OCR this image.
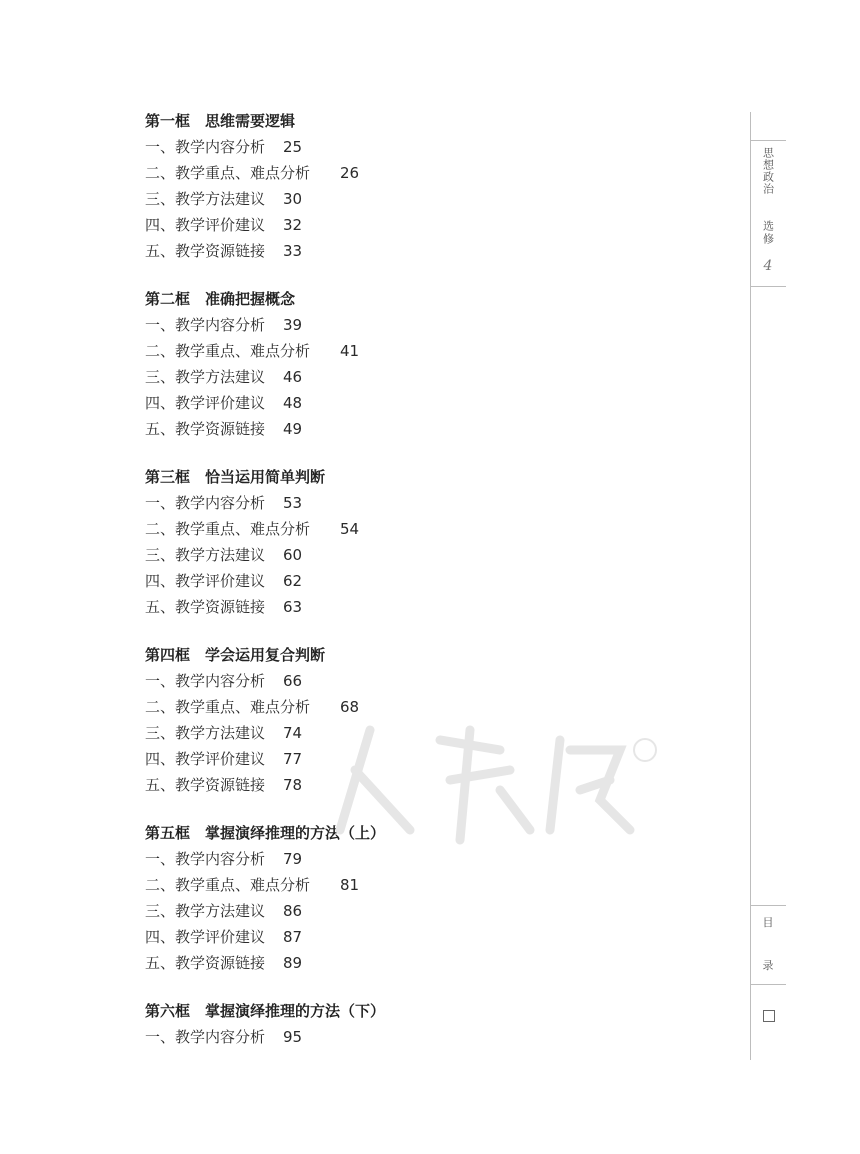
第一框　思维需要逻辑
一、教学内容分析 25
二、教学重点、难点分析 26
三、教学方法建议 30
四、教学评价建议 32
五、教学资源链接 33
第二框　准确把握概念
一、教学内容分析 39
二、教学重点、难点分析 41
三、教学方法建议 46
四、教学评价建议 48
五、教学资源链接 49
第三框　恰当运用简单判断
一、教学内容分析 53
二、教学重点、难点分析 54
三、教学方法建议 60
四、教学评价建议 62
五、教学资源链接 63
第四框　学会运用复合判断
一、教学内容分析 66
二、教学重点、难点分析 68
三、教学方法建议 74
四、教学评价建议 77
五、教学资源链接 78
第五框　掌握演绎推理的方法（上）
一、教学内容分析 79
二、教学重点、难点分析 81
三、教学方法建议 86
四、教学评价建议 87
五、教学资源链接 89
第六框　掌握演绎推理的方法（下）
一、教学内容分析 95
思想政治
选修
4
目
录
